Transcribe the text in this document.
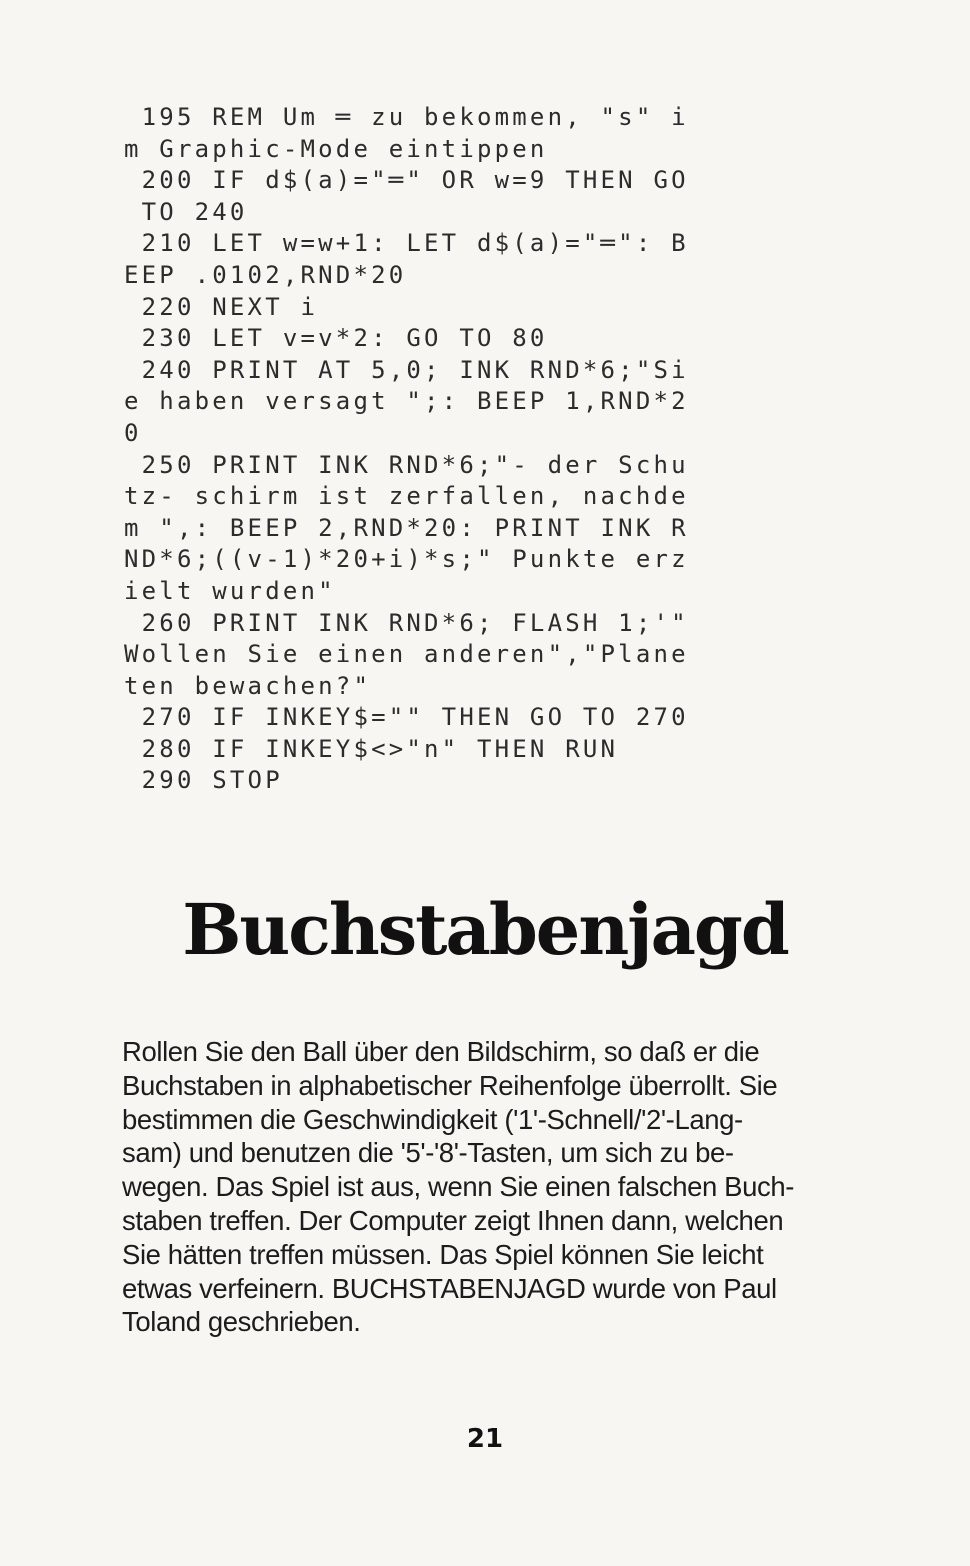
195 REM Um ═ zu bekommen, "s" i
m Graphic-Mode eintippen
200 IF d$(a)="═" OR w=9 THEN GO
TO 240
210 LET w=w+1: LET d$(a)="═": B
EEP .0102,RND*20
220 NEXT i
230 LET v=v*2: GO TO 80
240 PRINT AT 5,0; INK RND*6;"Si
e haben versagt ";: BEEP 1,RND*2
0
250 PRINT INK RND*6;"- der Schu
tz- schirm ist zerfallen, nachde
m ",: BEEP 2,RND*20: PRINT INK R
ND*6;((v-1)*20+i)*s;" Punkte erz
ielt wurden"
260 PRINT INK RND*6; FLASH 1;'"
Wollen Sie einen anderen","Plane
ten bewachen?"
270 IF INKEY$="" THEN GO TO 270
280 IF INKEY$<>"n" THEN RUN
290 STOP
Buchstabenjagd
Rollen Sie den Ball über den Bildschirm, so daß er die
Buchstaben in alphabetischer Reihenfolge überrollt. Sie
bestimmen die Geschwindigkeit ('1'-Schnell/'2'-Lang-
sam) und benutzen die '5'-'8'-Tasten, um sich zu be-
wegen. Das Spiel ist aus, wenn Sie einen falschen Buch-
staben treffen. Der Computer zeigt Ihnen dann, welchen
Sie hätten treffen müssen. Das Spiel können Sie leicht
etwas verfeinern. BUCHSTABENJAGD wurde von Paul
Toland geschrieben.
21
